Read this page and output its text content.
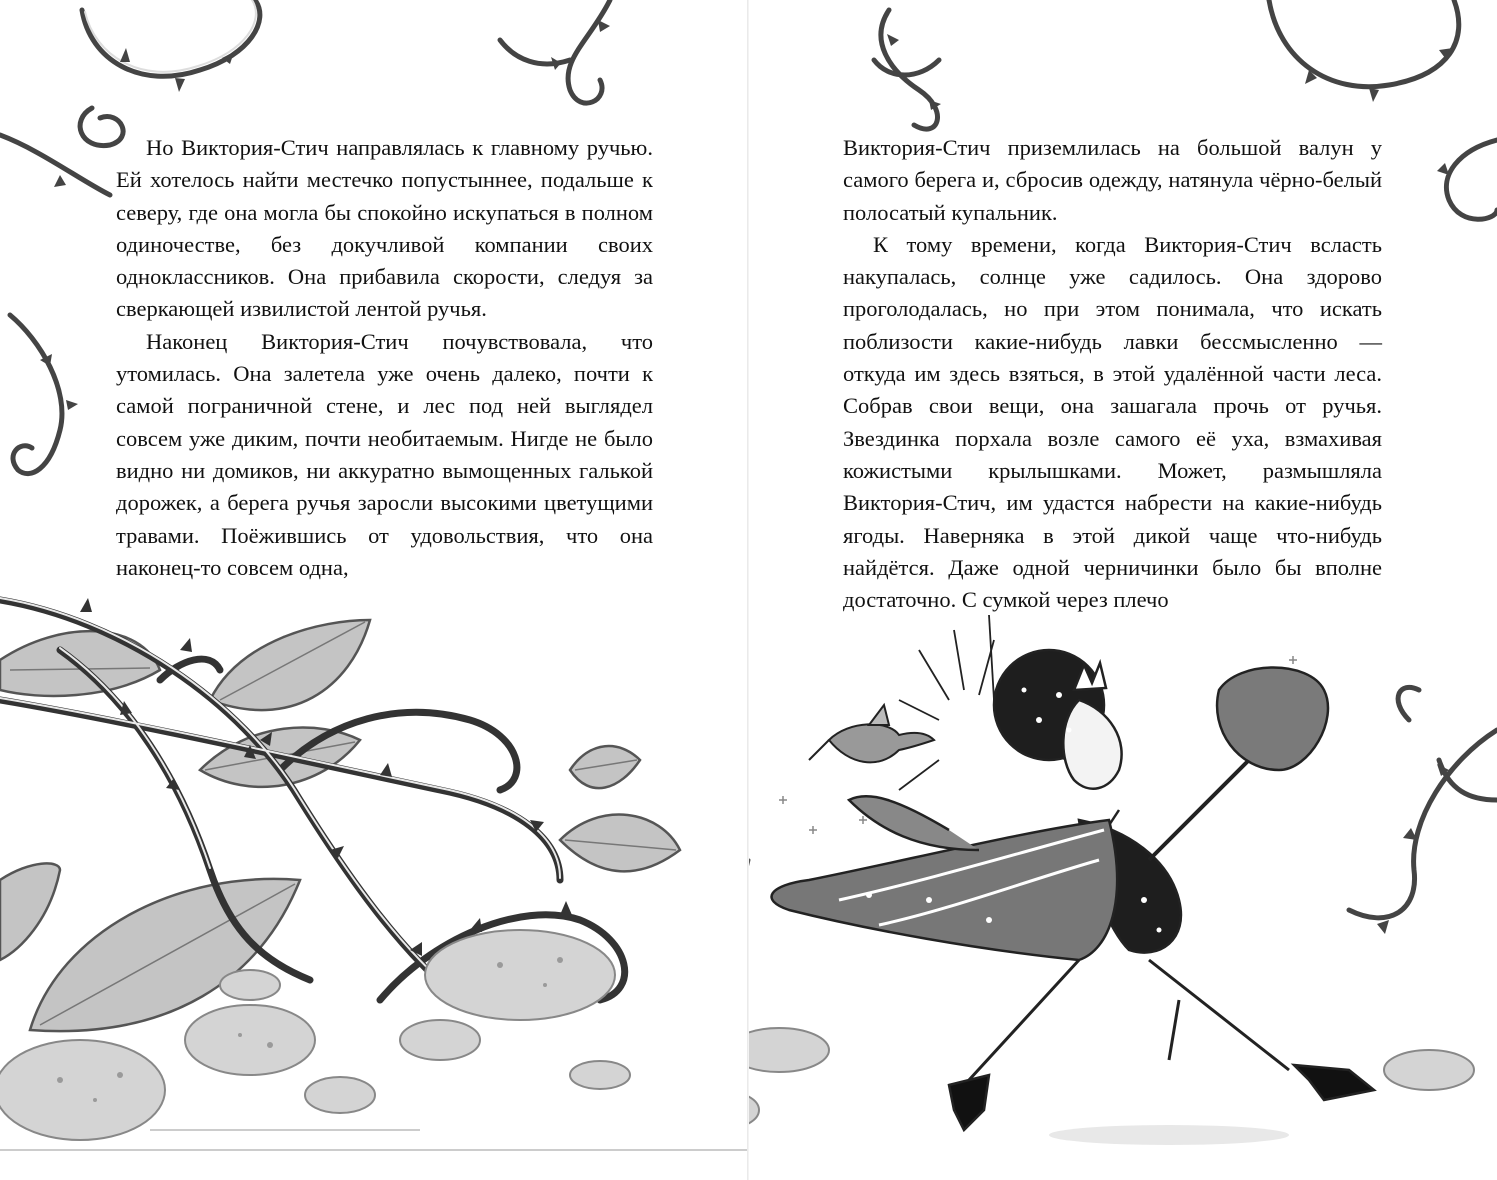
Но Виктория-Стич направлялась к главному ручью. Ей хотелось найти местечко попустыннее, подальше к северу, где она могла бы спокойно искупаться в полном одиночестве, без докучливой компании своих одноклассников. Она прибавила скорости, следуя за сверкающей извилистой лентой ручья.

Наконец Виктория-Стич почувствовала, что утомилась. Она залетела уже очень далеко, почти к самой пограничной стене, и лес под ней выглядел совсем уже диким, почти необитаемым. Нигде не было видно ни домиков, ни аккуратно вымощенных галькой дорожек, а берега ручья заросли высокими цветущими травами. Поёжившись от удовольствия, что она наконец-то совсем одна,

Виктория-Стич приземлилась на большой валун у самого берега и, сбросив одежду, натянула чёрно-белый полосатый купальник.

К тому времени, когда Виктория-Стич всласть накупалась, солнце уже садилось. Она здорово проголодалась, но при этом понимала, что искать поблизости какие-нибудь лавки бессмысленно — откуда им здесь взяться, в этой удалённой части леса. Собрав свои вещи, она зашагала прочь от ручья. Звездинка порхала возле самого её уха, взмахивая кожистыми крылышками. Может, размышляла Виктория-Стич, им удастся набрести на какие-нибудь ягоды. Наверняка в этой дикой чаще что-нибудь найдётся. Даже одной черничинки было бы вполне достаточно. С сумкой через плечо
